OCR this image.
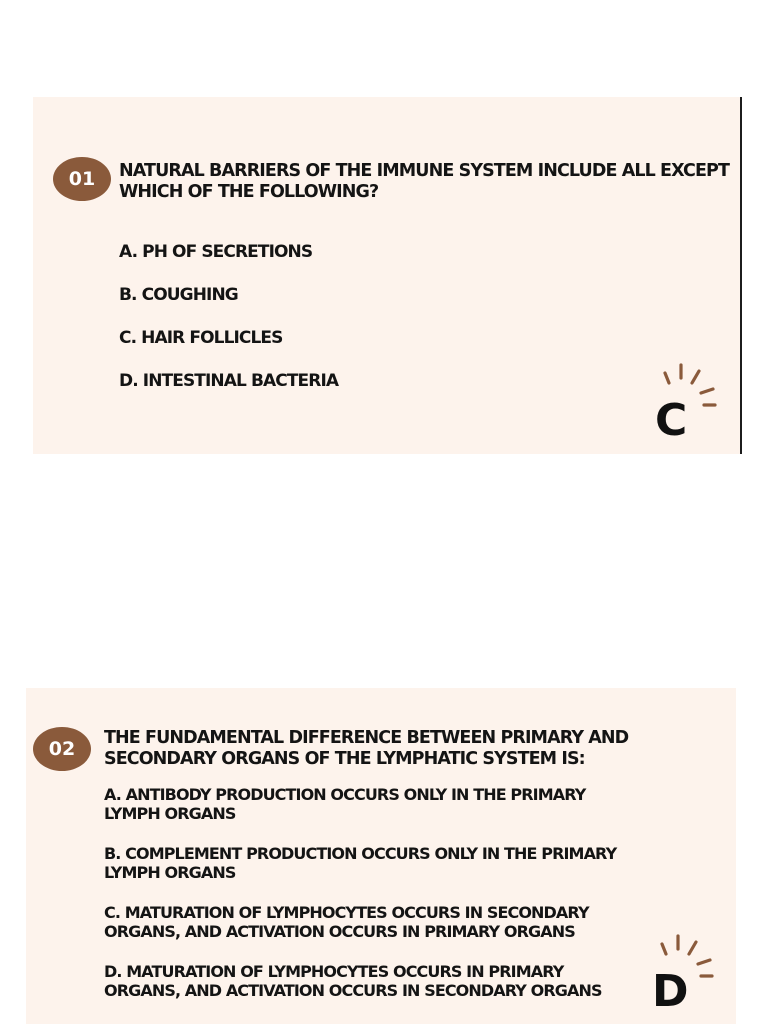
01	NATURAL BARRIERS OF THE IMMUNE SYSTEM INCLUDE ALL EXCEPT
WHICH OF THE FOLLOWING?
A. PH OF SECRETIONS
B. COUGHING
C. HAIR FOLLICLES
D. INTESTINAL BACTERIA
C
02	THE FUNDAMENTAL DIFFERENCE BETWEEN PRIMARY AND
SECONDARY ORGANS OF THE LYMPHATIC SYSTEM IS:
A. ANTIBODY PRODUCTION OCCURS ONLY IN THE PRIMARY
LYMPH ORGANS
B. COMPLEMENT PRODUCTION OCCURS ONLY IN THE PRIMARY
LYMPH ORGANS
C. MATURATION OF LYMPHOCYTES OCCURS IN SECONDARY
ORGANS, AND ACTIVATION OCCURS IN PRIMARY ORGANS
D. MATURATION OF LYMPHOCYTES OCCURS IN PRIMARY
ORGANS, AND ACTIVATION OCCURS IN SECONDARY ORGANS	D
